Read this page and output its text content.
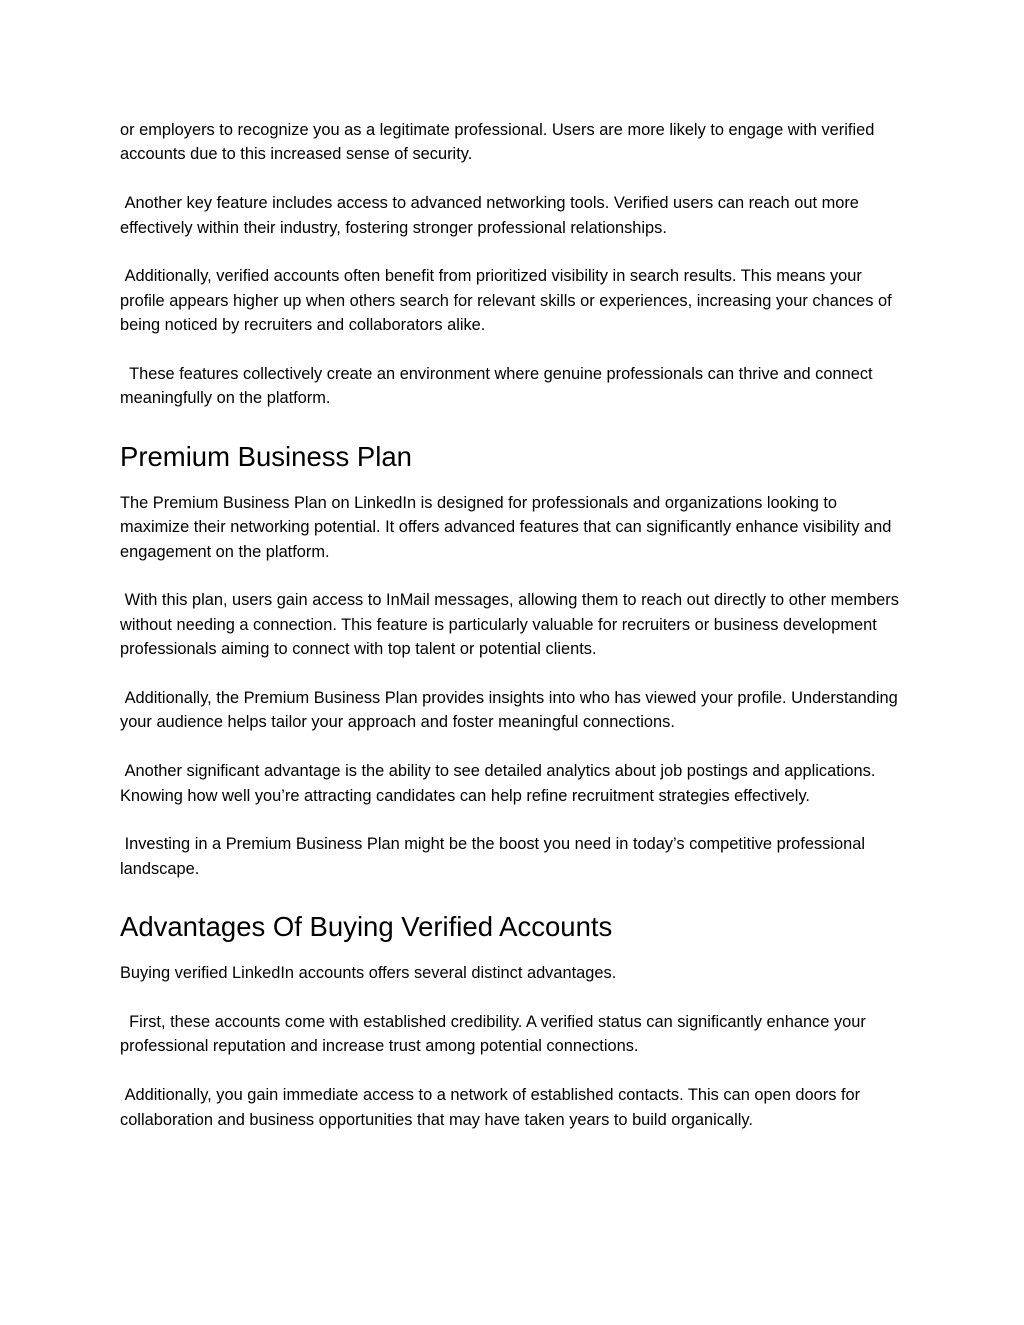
or employers to recognize you as a legitimate professional. Users are more likely to engage with verified accounts due to this increased sense of security.

Another key feature includes access to advanced networking tools. Verified users can reach out more effectively within their industry, fostering stronger professional relationships.

Additionally, verified accounts often benefit from prioritized visibility in search results. This means your profile appears higher up when others search for relevant skills or experiences, increasing your chances of being noticed by recruiters and collaborators alike.

These features collectively create an environment where genuine professionals can thrive and connect meaningfully on the platform.

Premium Business Plan

The Premium Business Plan on LinkedIn is designed for professionals and organizations looking to maximize their networking potential. It offers advanced features that can significantly enhance visibility and engagement on the platform.

With this plan, users gain access to InMail messages, allowing them to reach out directly to other members without needing a connection. This feature is particularly valuable for recruiters or business development professionals aiming to connect with top talent or potential clients.

Additionally, the Premium Business Plan provides insights into who has viewed your profile. Understanding your audience helps tailor your approach and foster meaningful connections.

Another significant advantage is the ability to see detailed analytics about job postings and applications. Knowing how well you’re attracting candidates can help refine recruitment strategies effectively.

Investing in a Premium Business Plan might be the boost you need in today’s competitive professional landscape.

Advantages Of Buying Verified Accounts

Buying verified LinkedIn accounts offers several distinct advantages.

First, these accounts come with established credibility. A verified status can significantly enhance your professional reputation and increase trust among potential connections.

Additionally, you gain immediate access to a network of established contacts. This can open doors for collaboration and business opportunities that may have taken years to build organically.
